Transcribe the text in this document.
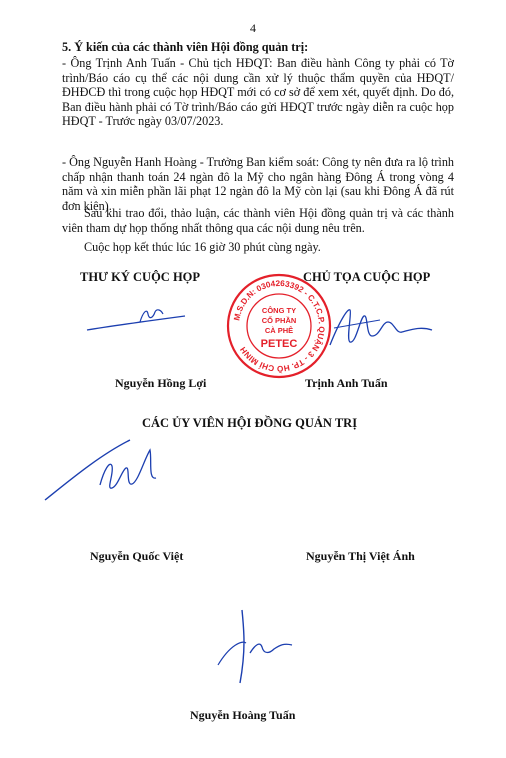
4

5. Ý kiến của các thành viên Hội đồng quản trị:

- Ông Trịnh Anh Tuấn - Chủ tịch HĐQT: Ban điều hành Công ty phải có Tờ trình/Báo cáo cụ thể các nội dung cần xử lý thuộc thẩm quyền của HĐQT/ĐHĐCĐ thì trong cuộc họp HĐQT mới có cơ sở để xem xét, quyết định. Do đó, Ban điều hành phải có Tờ trình/Báo cáo gửi HĐQT trước ngày diễn ra cuộc họp HĐQT - Trước ngày 03/07/2023.

- Ông Nguyễn Hanh Hoàng - Trưởng Ban kiểm soát: Công ty nên đưa ra lộ trình chấp nhận thanh toán 24 ngàn đô la Mỹ cho ngân hàng Đông Á trong vòng 4 năm và xin miễn phần lãi phạt 12 ngàn đô la Mỹ còn lại (sau khi Đông Á đã rút đơn kiện).

Sau khi trao đổi, thảo luận, các thành viên Hội đồng quản trị và các thành viên tham dự họp thống nhất thông qua các nội dung nêu trên.

Cuộc họp kết thúc lúc 16 giờ 30 phút cùng ngày.

THƯ KÝ CUỘC HỌP	CHỦ TỌA CUỘC HỌP
M.S.D.N: 0304263392 - C.T.C.P. QUẬN 3 - TP. HỒ CHÍ MINH
CÔNG TY
CỔ PHẦN
CÀ PHÊ
PETEC
Nguyễn Hồng Lợi	Trịnh Anh Tuấn
CÁC ỦY VIÊN HỘI ĐỒNG QUẢN TRỊ
Nguyễn Quốc Việt	Nguyễn Thị Việt Ánh
Nguyễn Hoàng Tuấn
